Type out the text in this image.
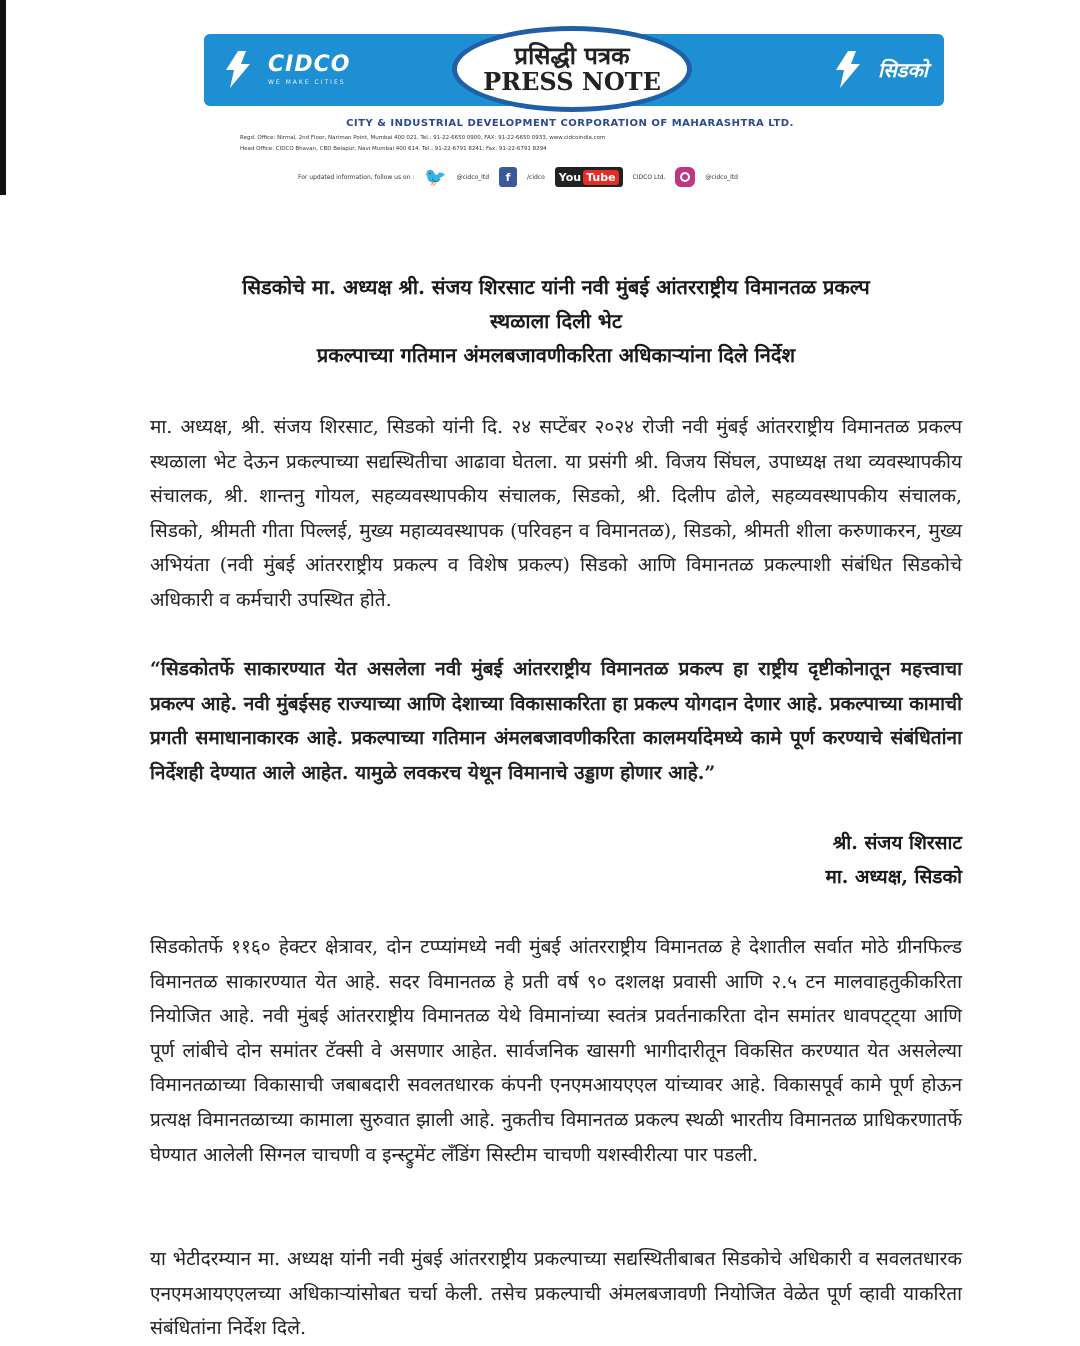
CIDCO
WE MAKE CITIES
सिडको
प्रसिद्धी पत्रक
PRESS NOTE
CITY & INDUSTRIAL DEVELOPMENT CORPORATION OF MAHARASHTRA LTD.
Regd. Office: Nirmal, 2nd Floor, Nariman Point, Mumbai 400 021. Tel.: 91-22-6650 0900, FAX: 91-22-6650 0933, www.cidcoindia.com
Head Office: CIDCO Bhavan, CBD Belapur, Navi Mumbai 400 614. Tel.: 91-22-6791 8241; Fax: 91-22-6791 8294
For updated information, follow us on : 🐦 @cidco_ltd	f	/cidco You Tube	CIDCO Ltd.	@cidco_ltd
सिडकोचे मा. अध्यक्ष श्री. संजय शिरसाट यांनी नवी मुंबई आंतरराष्ट्रीय विमानतळ प्रकल्प
स्थळाला दिली भेट
प्रकल्पाच्या गतिमान अंमलबजावणीकरिता अधिकाऱ्यांना दिले निर्देश
मा. अध्यक्ष, श्री. संजय शिरसाट, सिडको यांनी दि. २४ सप्टेंबर २०२४ रोजी नवी मुंबई आंतरराष्ट्रीय विमानतळ प्रकल्प स्थळाला भेट देऊन प्रकल्पाच्या सद्यस्थितीचा आढावा घेतला. या प्रसंगी श्री. विजय सिंघल, उपाध्यक्ष तथा व्यवस्थापकीय संचालक, श्री. शान्तनु गोयल, सहव्यवस्थापकीय संचालक, सिडको, श्री. दिलीप ढोले, सहव्यवस्थापकीय संचालक, सिडको, श्रीमती गीता पिल्लई, मुख्य महाव्यवस्थापक (परिवहन व विमानतळ), सिडको, श्रीमती शीला करुणाकरन, मुख्य अभियंता (नवी मुंबई आंतरराष्ट्रीय प्रकल्प व विशेष प्रकल्प) सिडको आणि विमानतळ प्रकल्पाशी संबंधित सिडकोचे अधिकारी व कर्मचारी उपस्थित होते.
“सिडकोतर्फे साकारण्यात येत असलेला नवी मुंबई आंतरराष्ट्रीय विमानतळ प्रकल्प हा राष्ट्रीय दृष्टीकोनातून महत्त्वाचा प्रकल्प आहे. नवी मुंबईसह राज्याच्या आणि देशाच्या विकासाकरिता हा प्रकल्प योगदान देणार आहे. प्रकल्पाच्या कामाची प्रगती समाधानाकारक आहे. प्रकल्पाच्या गतिमान अंमलबजावणीकरिता कालमर्यादेमध्ये कामे पूर्ण करण्याचे संबंधितांना निर्देशही देण्यात आले आहेत. यामुळे लवकरच येथून विमानाचे उड्डाण होणार आहे.”
श्री. संजय शिरसाट
मा. अध्यक्ष, सिडको
सिडकोतर्फे ११६० हेक्टर क्षेत्रावर, दोन टप्प्यांमध्ये नवी मुंबई आंतरराष्ट्रीय विमानतळ हे देशातील सर्वात मोठे ग्रीनफिल्ड विमानतळ साकारण्यात येत आहे. सदर विमानतळ हे प्रती वर्ष ९० दशलक्ष प्रवासी आणि २.५ टन मालवाहतुकीकरिता नियोजित आहे. नवी मुंबई आंतरराष्ट्रीय विमानतळ येथे विमानांच्या स्वतंत्र प्रवर्तनाकरिता दोन समांतर धावपट्ट्या आणि पूर्ण लांबीचे दोन समांतर टॅक्सी वे असणार आहेत. सार्वजनिक खासगी भागीदारीतून विकसित करण्यात येत असलेल्या विमानतळाच्या विकासाची जबाबदारी सवलतधारक कंपनी एनएमआयएएल यांच्यावर आहे. विकासपूर्व कामे पूर्ण होऊन प्रत्यक्ष विमानतळाच्या कामाला सुरुवात झाली आहे. नुकतीच विमानतळ प्रकल्प स्थळी भारतीय विमानतळ प्राधिकरणातर्फे घेण्यात आलेली सिग्नल चाचणी व इन्स्ट्रुमेंट लँडिंग सिस्टीम चाचणी यशस्वीरीत्या पार पडली.
या भेटीदरम्यान मा. अध्यक्ष यांनी नवी मुंबई आंतरराष्ट्रीय प्रकल्पाच्या सद्यस्थितीबाबत सिडकोचे अधिकारी व सवलतधारक एनएमआयएएलच्या अधिकाऱ्यांसोबत चर्चा केली. तसेच प्रकल्पाची अंमलबजावणी नियोजित वेळेत पूर्ण व्हावी याकरिता संबंधितांना निर्देश दिले.
